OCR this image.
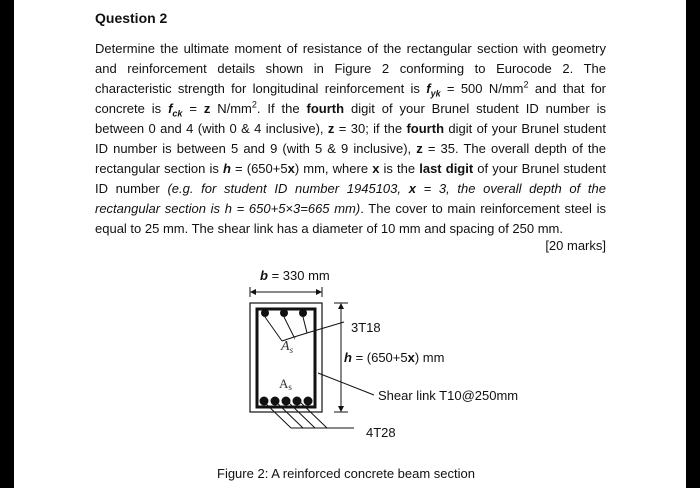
Question 2
Determine the ultimate moment of resistance of the rectangular section with geometry and reinforcement details shown in Figure 2 conforming to Eurocode 2. The characteristic strength for longitudinal reinforcement is $f_{yk} = 500$ $N/mm^2$ and that for concrete is $f_{ck} = z$ $N/mm^2$. If the fourth digit of your Brunel student ID number is between 0 and 4 (with 0 & 4 inclusive), z = 30; if the fourth digit of your Brunel student ID number is between 5 and 9 (with 5 & 9 inclusive), z = 35. The overall depth of the rectangular section is h = (650+5x) mm, where x is the last digit of your Brunel student ID number (e.g. for student ID number 1945103, x = 3, the overall depth of the rectangular section is h = 650+5×3=665 mm). The cover to main reinforcement steel is equal to 25 mm. The shear link has a diameter of 10 mm and spacing of 250 mm.
[20 marks]
b = 330 mm
3T18
h = (650+5x) mm
Shear link T10@250mm
4T28
$A_s'$
As
Figure 2: A reinforced concrete beam section
